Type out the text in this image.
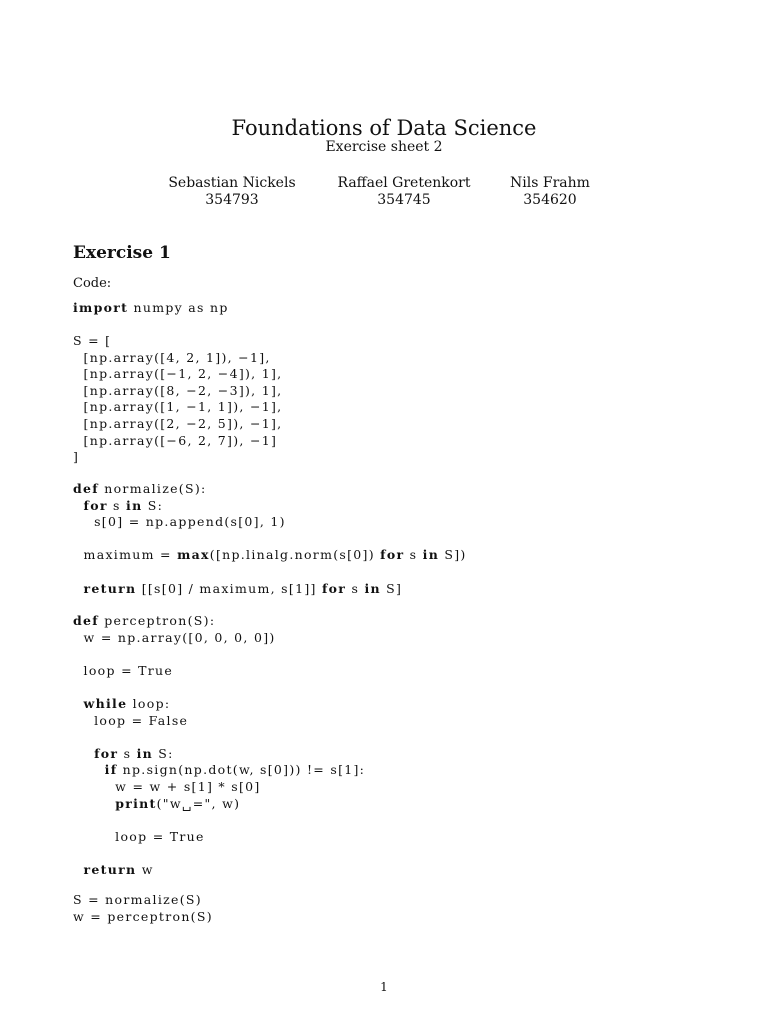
Foundations of Data Science
Exercise sheet 2
Sebastian Nickels
354793
Raffael Gretenkort
354745
Nils Frahm
354620
Exercise 1
Code:
import numpy as np
S = [
[np.array([4, 2, 1]), −1],
[np.array([−1, 2, −4]), 1],
[np.array([8, −2, −3]), 1],
[np.array([1, −1, 1]), −1],
[np.array([2, −2, 5]), −1],
[np.array([−6, 2, 7]), −1]
]
def normalize(S):
for s in S:
s[0] = np.append(s[0], 1)
maximum = max([np.linalg.norm(s[0]) for s in S])
return [[s[0] / maximum, s[1]] for s in S]
def perceptron(S):
w = np.array([0, 0, 0, 0])
loop = True
while loop:
loop = False
for s in S:
if np.sign(np.dot(w, s[0])) != s[1]:
w = w + s[1] * s[0]
print("w␣=", w)
loop = True
return w
S = normalize(S)
w = perceptron(S)
1
